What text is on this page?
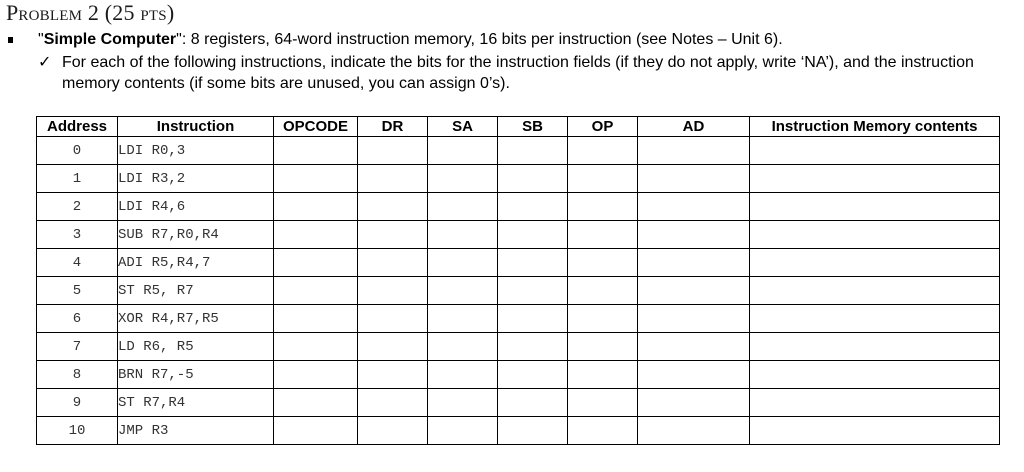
Problem 2 (25 pts)
"Simple Computer": 8 registers, 64-word instruction memory, 16 bits per instruction (see Notes – Unit 6).
✓ For each of the following instructions, indicate the bits for the instruction fields (if they do not apply, write ‘NA’), and the instruction memory contents (if some bits are unused, you can assign 0’s).
Address	Instruction	OPCODE	DR	SA	SB	OP	AD	Instruction Memory contents
0	LDI R0,3							
1	LDI R3,2							
2	LDI R4,6							
3	SUB R7,R0,R4							
4	ADI R5,R4,7							
5	ST R5, R7							
6	XOR R4,R7,R5							
7	LD R6, R5							
8	BRN R7,-5							
9	ST R7,R4							
10	JMP R3							
